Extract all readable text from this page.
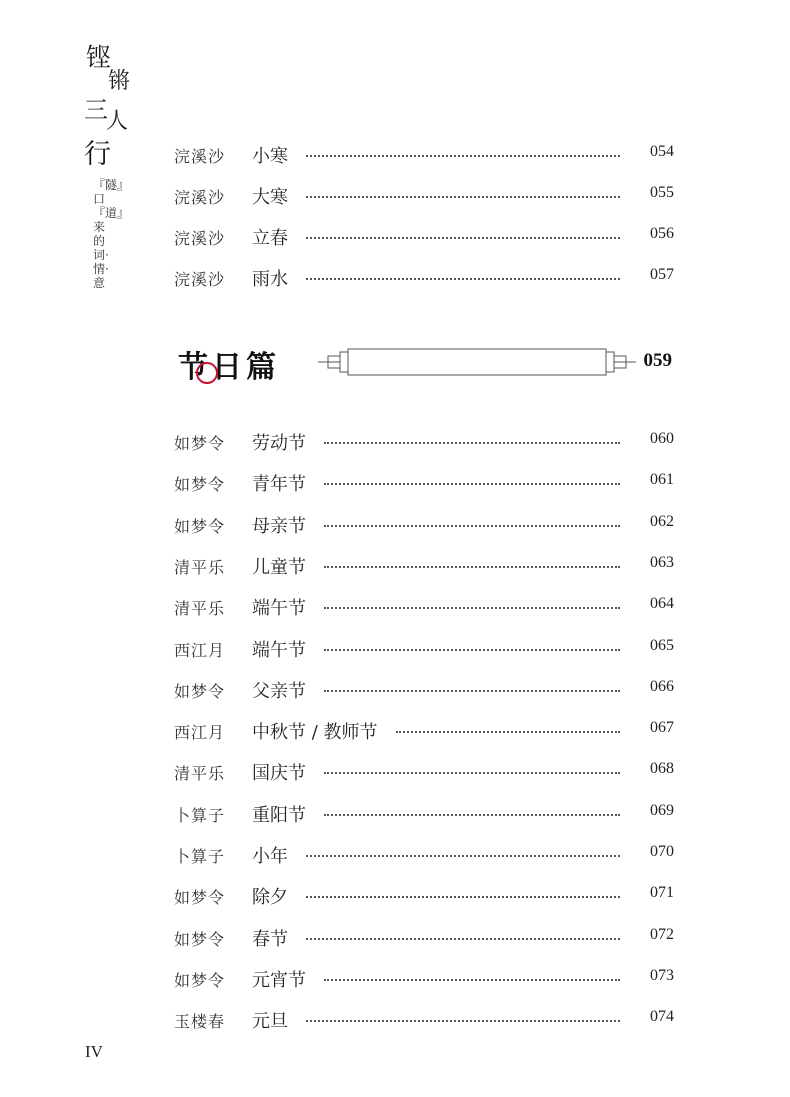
铿
锵
三
人
行
『隧』口『道』来的词·情·意
浣溪沙 小寒	054
浣溪沙 大寒	055
浣溪沙 立春	056
浣溪沙 雨水	057
节日篇	059
如梦令 劳动节	060
如梦令 青年节	061
如梦令 母亲节	062
清平乐 儿童节	063
清平乐 端午节	064
西江月 端午节	065
如梦令 父亲节	066
西江月 中秋节 / 教师节	067
清平乐 国庆节	068
卜算子 重阳节	069
卜算子 小年	070
如梦令 除夕	071
如梦令 春节	072
如梦令 元宵节	073
玉楼春 元旦	074
IV
